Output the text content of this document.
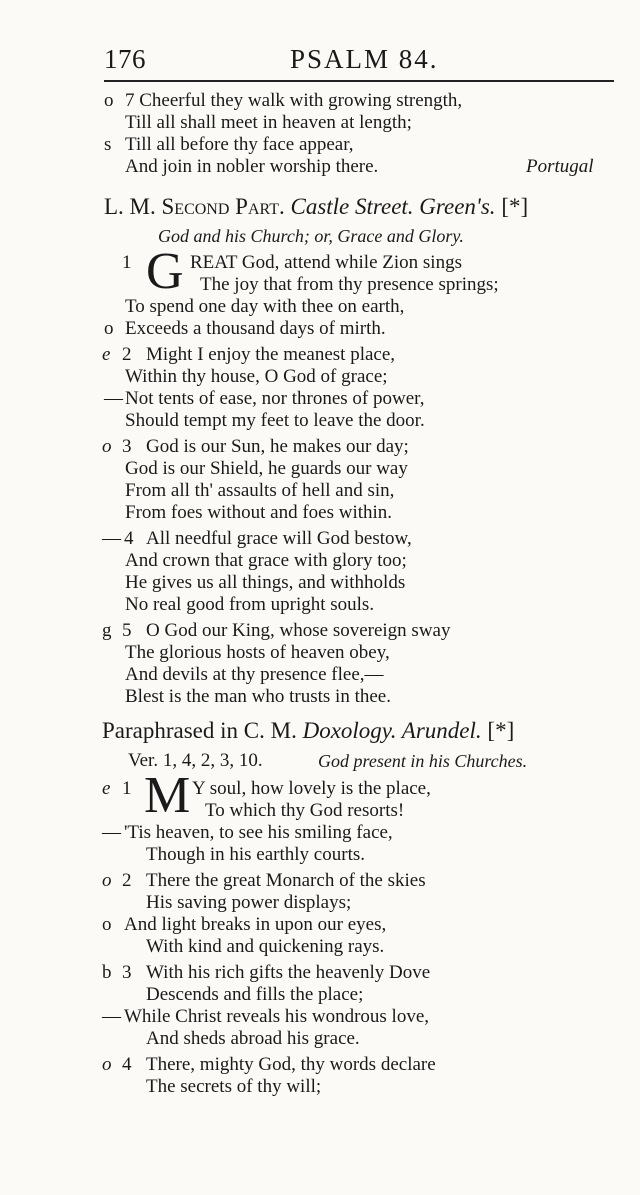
176	PSALM 84.
o 7 Cheerful they walk with growing strength,
Till all shall meet in heaven at length;
s Till all before thy face appear,
And join in nobler worship there.	Portugal
L. M. Second Part. Castle Street. Green's. [*]
God and his Church; or, Grace and Glory.
1 G REAT God, attend while Zion sings
The joy that from thy presence springs;
To spend one day with thee on earth,
o Exceeds a thousand days of mirth.
e 2 Might I enjoy the meanest place,
Within thy house, O God of grace;
— Not tents of ease, nor thrones of power,
Should tempt my feet to leave the door.
o 3 God is our Sun, he makes our day;
God is our Shield, he guards our way
From all th' assaults of hell and sin,
From foes without and foes within.
— 4 All needful grace will God bestow,
And crown that grace with glory too;
He gives us all things, and withholds
No real good from upright souls.
g 5 O God our King, whose sovereign sway
The glorious hosts of heaven obey,
And devils at thy presence flee,—
Blest is the man who trusts in thee.
Paraphrased in C. M. Doxology. Arundel. [*]
Ver. 1, 4, 2, 3, 10.	God present in his Churches.
e 1 M Y soul, how lovely is the place,
To which thy God resorts!
— 'Tis heaven, to see his smiling face,
Though in his earthly courts.
o 2 There the great Monarch of the skies
His saving power displays;
o And light breaks in upon our eyes,
With kind and quickening rays.
b 3 With his rich gifts the heavenly Dove
Descends and fills the place;
— While Christ reveals his wondrous love,
And sheds abroad his grace.
o 4 There, mighty God, thy words declare
The secrets of thy will;
